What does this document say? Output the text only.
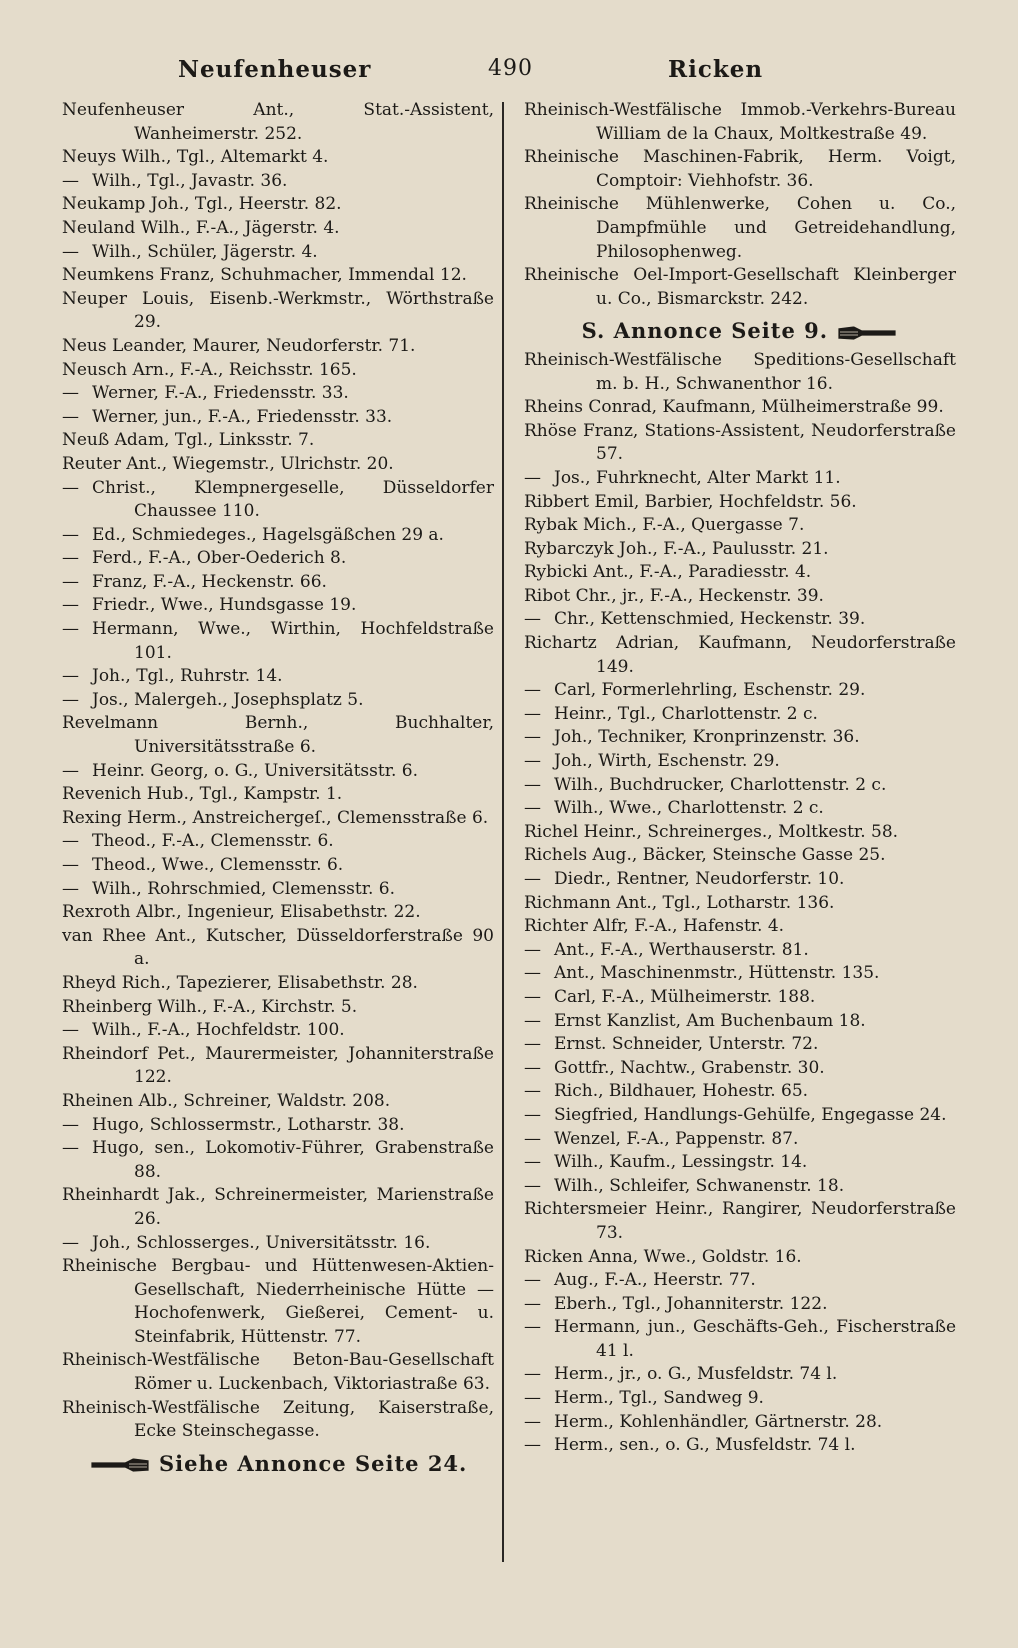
Neufenheuser	490	Ricken

Neufenheuser Ant., Stat.-Assistent, Wanheimerstr. 252.

Neuys Wilh., Tgl., Altemarkt 4.

— Wilh., Tgl., Javastr. 36.

Neukamp Joh., Tgl., Heerstr. 82.

Neuland Wilh., F.-A., Jägerstr. 4.

— Wilh., Schüler, Jägerstr. 4.

Neumkens Franz, Schuhmacher, Immendal 12.

Neuper Louis, Eisenb.-Werkmstr., Wörthstraße 29.

Neus Leander, Maurer, Neudorferstr. 71.

Neusch Arn., F.-A., Reichsstr. 165.

— Werner, F.-A., Friedensstr. 33.

— Werner, jun., F.-A., Friedensstr. 33.

Neuß Adam, Tgl., Linksstr. 7.

Reuter Ant., Wiegemstr., Ulrichstr. 20.

— Christ., Klempnergeselle, Düsseldorfer Chaussee 110.

— Ed., Schmiedeges., Hagelsgäßchen 29 a.

— Ferd., F.-A., Ober-Oederich 8.

— Franz, F.-A., Heckenstr. 66.

— Friedr., Wwe., Hundsgasse 19.

— Hermann, Wwe., Wirthin, Hochfeldstraße 101.

— Joh., Tgl., Ruhrstr. 14.

— Jos., Malergeh., Josephsplatz 5.

Revelmann Bernh., Buchhalter, Universitätsstraße 6.

— Heinr. Georg, o. G., Universitätsstr. 6.

Revenich Hub., Tgl., Kampstr. 1.

Rexing Herm., Anstreichergeſ., Clemensstraße 6.

— Theod., F.-A., Clemensstr. 6.

— Theod., Wwe., Clemensstr. 6.

— Wilh., Rohrschmied, Clemensstr. 6.

Rexroth Albr., Ingenieur, Elisabethstr. 22.

van Rhee Ant., Kutscher, Düsseldorferstraße 90 a.

Rheyd Rich., Tapezierer, Elisabethstr. 28.

Rheinberg Wilh., F.-A., Kirchstr. 5.

— Wilh., F.-A., Hochfeldstr. 100.

Rheindorf Pet., Maurermeister, Johanniterstraße 122.

Rheinen Alb., Schreiner, Waldstr. 208.

— Hugo, Schlossermstr., Lotharstr. 38.

— Hugo, sen., Lokomotiv-Führer, Grabenstraße 88.

Rheinhardt Jak., Schreinermeister, Marienstraße 26.

— Joh., Schlosserges., Universitätsstr. 16.

Rheinische Bergbau- und Hüttenwesen-Aktien-Gesellschaft, Niederrheinische Hütte — Hochofenwerk, Gießerei, Cement- u. Steinfabrik, Hüttenstr. 77.

Rheinisch-Westfälische Beton-Bau-Gesellschaft Römer u. Luckenbach, Viktoriastraße 63.

Rheinisch-Westfälische Zeitung, Kaiserstraße, Ecke Steinschegasse.

Siehe Annonce Seite 24.

Rheinisch-Westfälische Immob.-Verkehrs-Bureau William de la Chaux, Moltkestraße 49.

Rheinische Maschinen-Fabrik, Herm. Voigt, Comptoir: Viehhofstr. 36.

Rheinische Mühlenwerke, Cohen u. Co., Dampfmühle und Getreidehandlung, Philosophenweg.

Rheinische Oel-Import-Gesellschaft Kleinberger u. Co., Bismarckstr. 242.

S. Annonce Seite 9.

Rheinisch-Westfälische Speditions-Gesellschaft m. b. H., Schwanenthor 16.

Rheins Conrad, Kaufmann, Mülheimerstraße 99.

Rhöse Franz, Stations-Assistent, Neudorferstraße 57.

— Jos., Fuhrknecht, Alter Markt 11.

Ribbert Emil, Barbier, Hochfeldstr. 56.

Rybak Mich., F.-A., Quergasse 7.

Rybarczyk Joh., F.-A., Paulusstr. 21.

Rybicki Ant., F.-A., Paradiesstr. 4.

Ribot Chr., jr., F.-A., Heckenstr. 39.

— Chr., Kettenschmied, Heckenstr. 39.

Richartz Adrian, Kaufmann, Neudorferstraße 149.

— Carl, Formerlehrling, Eschenstr. 29.

— Heinr., Tgl., Charlottenstr. 2 c.

— Joh., Techniker, Kronprinzenstr. 36.

— Joh., Wirth, Eschenstr. 29.

— Wilh., Buchdrucker, Charlottenstr. 2 c.

— Wilh., Wwe., Charlottenstr. 2 c.

Richel Heinr., Schreinerges., Moltkestr. 58.

Richels Aug., Bäcker, Steinsche Gasse 25.

— Diedr., Rentner, Neudorferstr. 10.

Richmann Ant., Tgl., Lotharstr. 136.

Richter Alfr, F.-A., Hafenstr. 4.

— Ant., F.-A., Werthauserstr. 81.

— Ant., Maschinenmstr., Hüttenstr. 135.

— Carl, F.-A., Mülheimerstr. 188.

— Ernst Kanzlist, Am Buchenbaum 18.

— Ernst. Schneider, Unterstr. 72.

— Gottfr., Nachtw., Grabenstr. 30.

— Rich., Bildhauer, Hohestr. 65.

— Siegfried, Handlungs-Gehülfe, Engegasse 24.

— Wenzel, F.-A., Pappenstr. 87.

— Wilh., Kaufm., Lessingstr. 14.

— Wilh., Schleifer, Schwanenstr. 18.

Richtersmeier Heinr., Rangirer, Neudorferstraße 73.

Ricken Anna, Wwe., Goldstr. 16.

— Aug., F.-A., Heerstr. 77.

— Eberh., Tgl., Johanniterstr. 122.

— Hermann, jun., Geschäfts-Geh., Fischerstraße 41 l.

— Herm., jr., o. G., Musfeldstr. 74 l.

— Herm., Tgl., Sandweg 9.

— Herm., Kohlenhändler, Gärtnerstr. 28.

— Herm., sen., o. G., Musfeldstr. 74 l.
